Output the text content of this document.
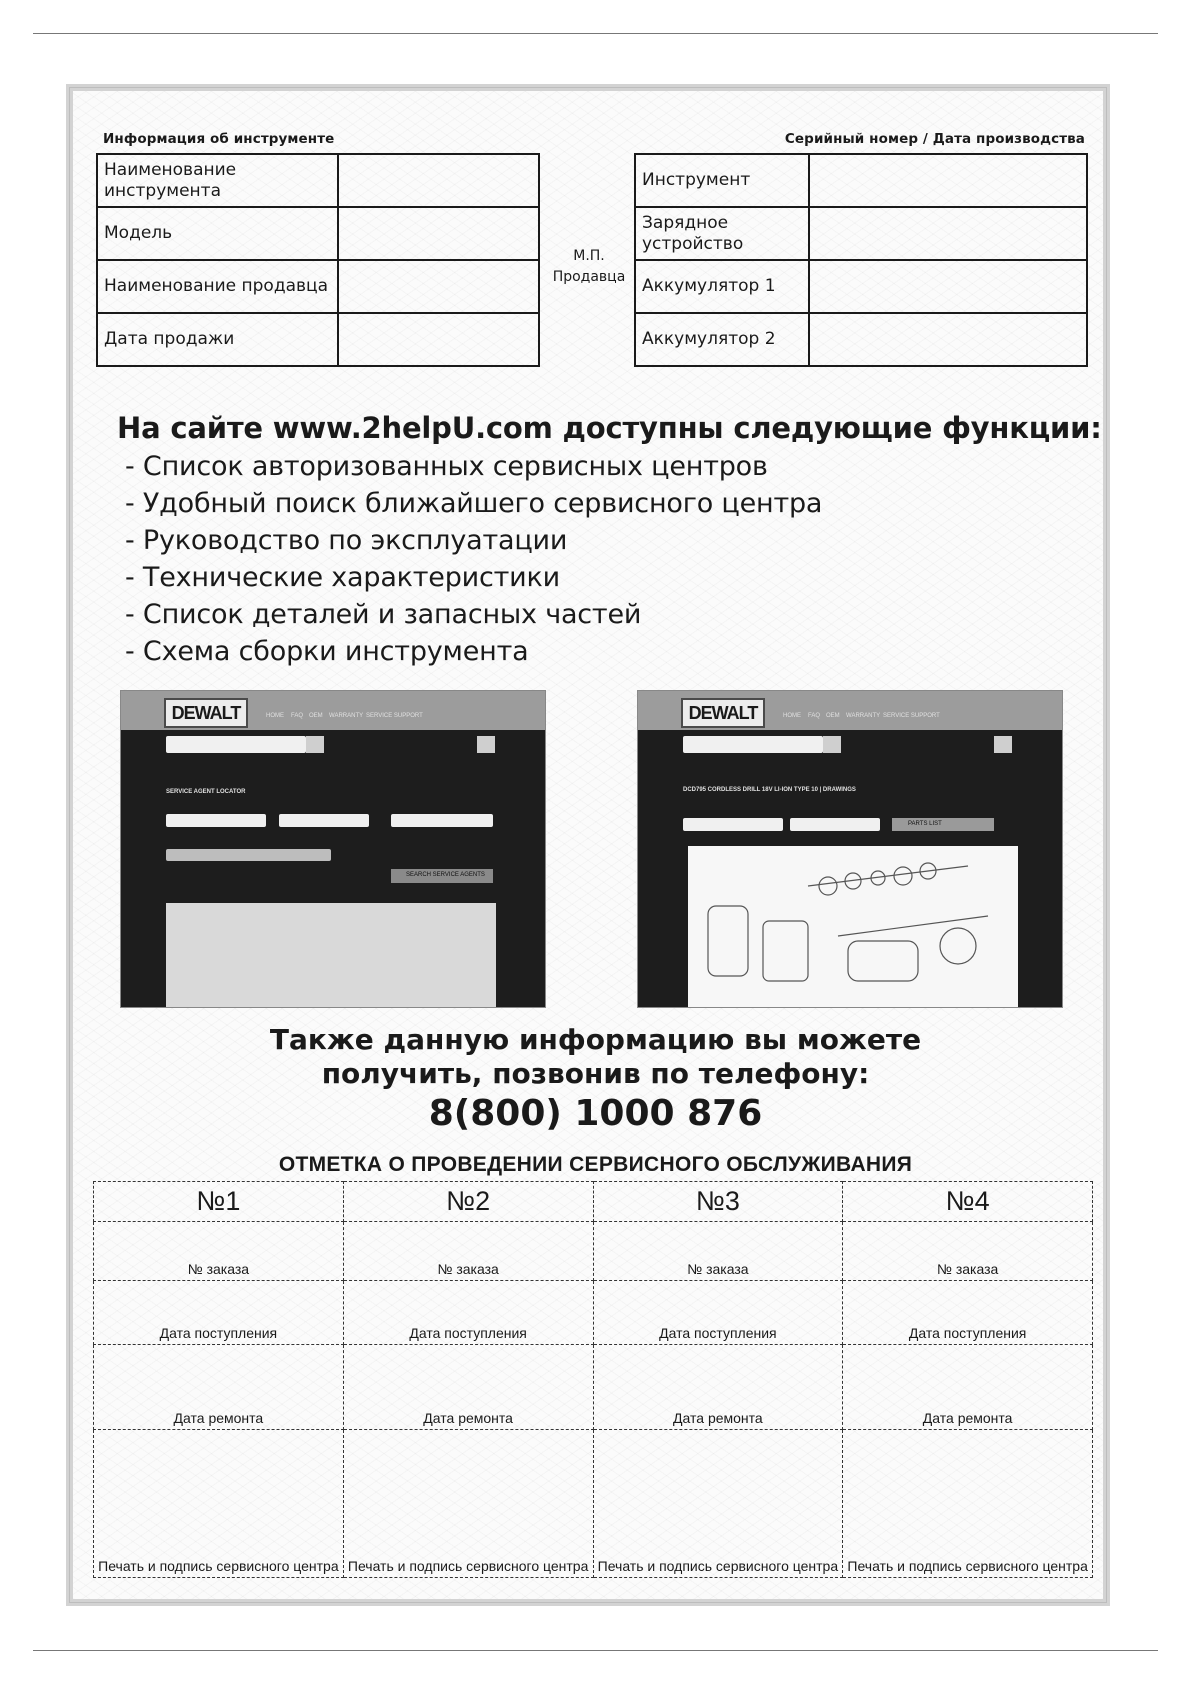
Информация об инструменте	Серийный номер / Дата производства
Наименование инструмента	
Модель	
Наименование продавца	
Дата продажи	
М.П.
Продавца
Инструмент	
Зарядное устройство	
Аккумулятор 1	
Аккумулятор 2	
На сайте www.2helpU.com доступны следующие функции:
- Список авторизованных сервисных центров
- Удобный поиск ближайшего сервисного центра
- Руководство по эксплуатации
- Технические характеристики
- Список деталей и запасных частей
- Схема сборки инструмента
DEWALT	HOME FAQ OEM WARRANTY SERVICE SUPPORT
SERVICE AGENT LOCATOR
SEARCH SERVICE AGENTS
DEWALT	HOME FAQ OEM WARRANTY SERVICE SUPPORT
DCD795 CORDLESS DRILL 18V LI-ION TYPE 10 | DRAWINGS
PARTS LIST
Также данную информацию вы можете
получить, позвонив по телефону:
8(800) 1000 876
ОТМЕТКА О ПРОВЕДЕНИИ СЕРВИСНОГО ОБСЛУЖИВАНИЯ
№1	№2	№3	№4
№ заказа	№ заказа	№ заказа	№ заказа
Дата поступления	Дата поступления	Дата поступления	Дата поступления
Дата ремонта	Дата ремонта	Дата ремонта	Дата ремонта
Печать и подпись сервисного центра	Печать и подпись сервисного центра	Печать и подпись сервисного центра	Печать и подпись сервисного центра
